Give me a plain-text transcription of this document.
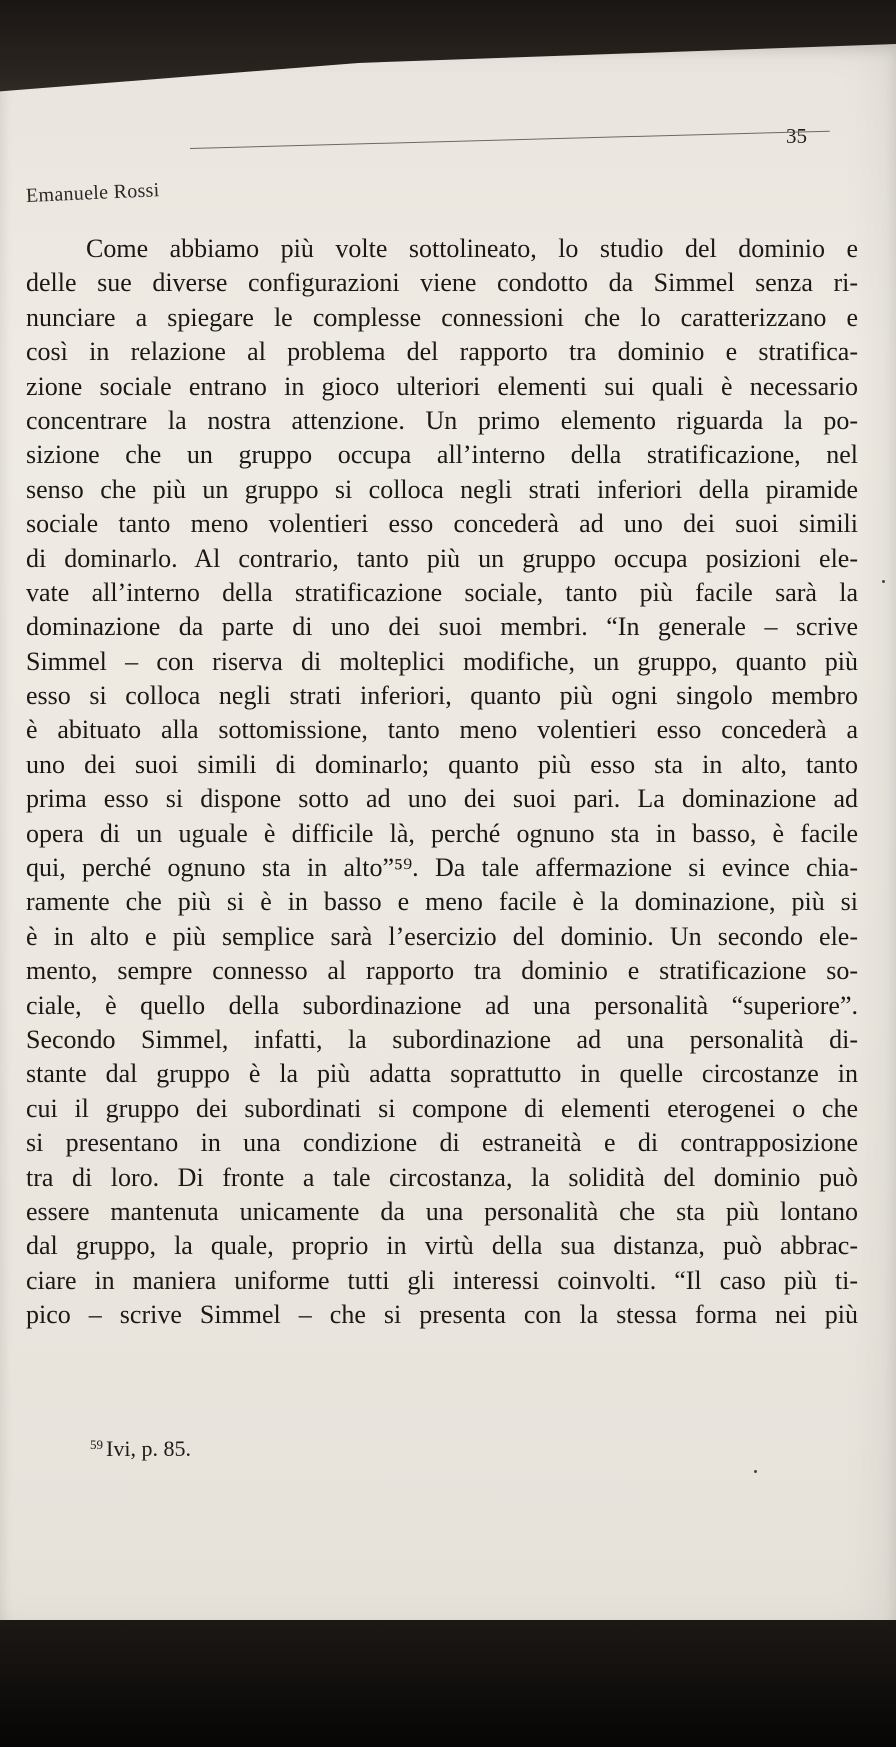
35
Emanuele Rossi
Come abbiamo più volte sottolineato, lo studio del dominio e
delle sue diverse configurazioni viene condotto da Simmel senza ri-
nunciare a spiegare le complesse connessioni che lo caratterizzano e
così in relazione al problema del rapporto tra dominio e stratifica-
zione sociale entrano in gioco ulteriori elementi sui quali è necessario
concentrare la nostra attenzione. Un primo elemento riguarda la po-
sizione che un gruppo occupa all’interno della stratificazione, nel
senso che più un gruppo si colloca negli strati inferiori della piramide
sociale tanto meno volentieri esso concederà ad uno dei suoi simili
di dominarlo. Al contrario, tanto più un gruppo occupa posizioni ele-
vate all’interno della stratificazione sociale, tanto più facile sarà la
dominazione da parte di uno dei suoi membri. “In generale – scrive
Simmel – con riserva di molteplici modifiche, un gruppo, quanto più
esso si colloca negli strati inferiori, quanto più ogni singolo membro
è abituato alla sottomissione, tanto meno volentieri esso concederà a
uno dei suoi simili di dominarlo; quanto più esso sta in alto, tanto
prima esso si dispone sotto ad uno dei suoi pari. La dominazione ad
opera di un uguale è difficile là, perché ognuno sta in basso, è facile
qui, perché ognuno sta in alto”⁵⁹. Da tale affermazione si evince chia-
ramente che più si è in basso e meno facile è la dominazione, più si
è in alto e più semplice sarà l’esercizio del dominio. Un secondo ele-
mento, sempre connesso al rapporto tra dominio e stratificazione so-
ciale, è quello della subordinazione ad una personalità “superiore”.
Secondo Simmel, infatti, la subordinazione ad una personalità di-
stante dal gruppo è la più adatta soprattutto in quelle circostanze in
cui il gruppo dei subordinati si compone di elementi eterogenei o che
si presentano in una condizione di estraneità e di contrapposizione
tra di loro. Di fronte a tale circostanza, la solidità del dominio può
essere mantenuta unicamente da una personalità che sta più lontano
dal gruppo, la quale, proprio in virtù della sua distanza, può abbrac-
ciare in maniera uniforme tutti gli interessi coinvolti. “Il caso più ti-
pico – scrive Simmel – che si presenta con la stessa forma nei più
$^{59}$ Ivi, p. 85.
